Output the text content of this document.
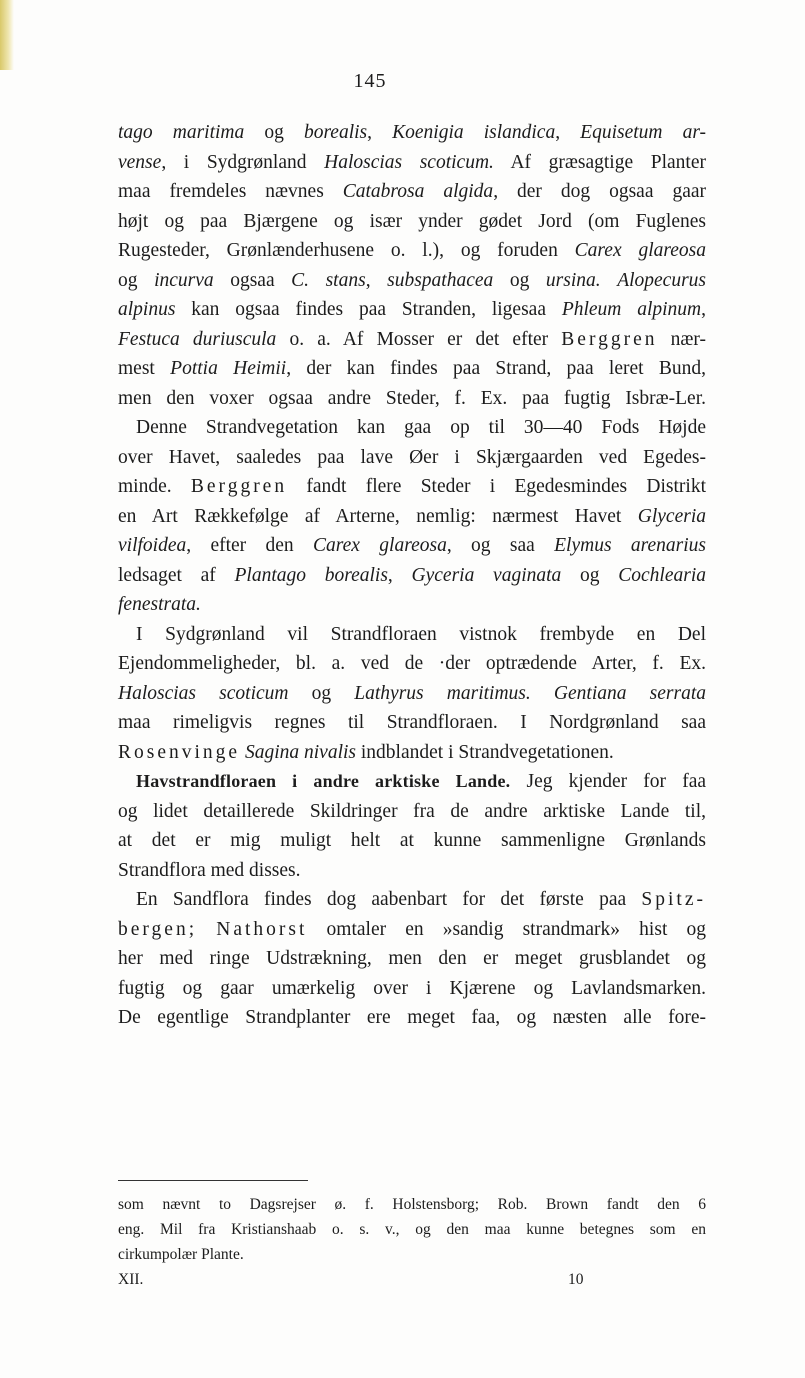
145
tago maritima og borealis, Koenigia islandica, Equisetum ar-
vense, i Sydgrønland Haloscias scoticum. Af græsagtige Planter
maa fremdeles nævnes Catabrosa algida, der dog ogsaa gaar
højt og paa Bjærgene og især ynder gødet Jord (om Fuglenes
Rugesteder, Grønlænderhusene o. l.), og foruden Carex glareosa
og incurva ogsaa C. stans, subspathacea og ursina. Alopecurus
alpinus kan ogsaa findes paa Stranden, ligesaa Phleum alpinum,
Festuca duriuscula o. a. Af Mosser er det efter Berggren nær-
mest Pottia Heimii, der kan findes paa Strand, paa leret Bund,
men den voxer ogsaa andre Steder, f. Ex. paa fugtig Isbræ-Ler.
Denne Strandvegetation kan gaa op til 30—40 Fods Højde
over Havet, saaledes paa lave Øer i Skjærgaarden ved Egedes-
minde. Berggren fandt flere Steder i Egedesmindes Distrikt
en Art Rækkefølge af Arterne, nemlig: nærmest Havet Glyceria
vilfoidea, efter den Carex glareosa, og saa Elymus arenarius
ledsaget af Plantago borealis, Gyceria vaginata og Cochlearia
fenestrata.
I Sydgrønland vil Strandfloraen vistnok frembyde en Del
Ejendommeligheder, bl. a. ved de ·der optrædende Arter, f. Ex.
Haloscias scoticum og Lathyrus maritimus. Gentiana serrata
maa rimeligvis regnes til Strandfloraen. I Nordgrønland saa
Rosenvinge Sagina nivalis indblandet i Strandvegetationen.
Havstrandfloraen i andre arktiske Lande. Jeg kjender for faa
og lidet detaillerede Skildringer fra de andre arktiske Lande til,
at det er mig muligt helt at kunne sammenligne Grønlands
Strandflora med disses.
En Sandflora findes dog aabenbart for det første paa Spitz-
bergen; Nathorst omtaler en »sandig strandmark» hist og
her med ringe Udstrækning, men den er meget grusblandet og
fugtig og gaar umærkelig over i Kjærene og Lavlandsmarken.
De egentlige Strandplanter ere meget faa, og næsten alle fore-
som nævnt to Dagsrejser ø. f. Holstensborg; Rob. Brown fandt den 6
eng. Mil fra Kristianshaab o. s. v., og den maa kunne betegnes som en
cirkumpolær Plante.
XII.	10
